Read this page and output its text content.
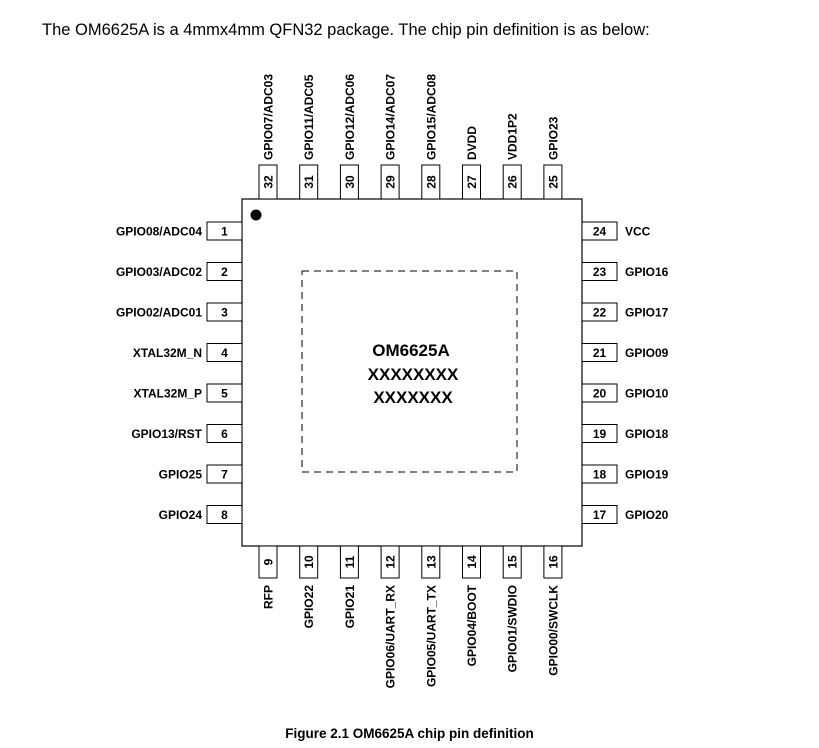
The OM6625A is a 4mmx4mm QFN32 package. The chip pin definition is as below:
OM6625A
XXXXXXXX
XXXXXXX
1
GPIO08/ADC04
2
GPIO03/ADC02
3
GPIO02/ADC01
4
XTAL32M_N
5
XTAL32M_P
6
GPIO13/RST
7
GPIO25
8
GPIO24
9
RFP
10
GPIO22
11
GPIO21
12
GPIO06/UART_RX
13
GPIO05/UART_TX
14
GPIO04/BOOT
15
GPIO01/SWDIO
16
GPIO00/SWCLK
24 VCC
23 GPIO16
22 GPIO17
21 GPIO09
20 GPIO10
19 GPIO18
18 GPIO19
17 GPIO20
32
GPIO07/ADC03
31
GPIO11/ADC05
30
GPIO12/ADC06
29
GPIO14/ADC07
28
GPIO15/ADC08
27
DVDD
26
VDD1P2
25
GPIO23
Figure 2.1 OM6625A chip pin definition
